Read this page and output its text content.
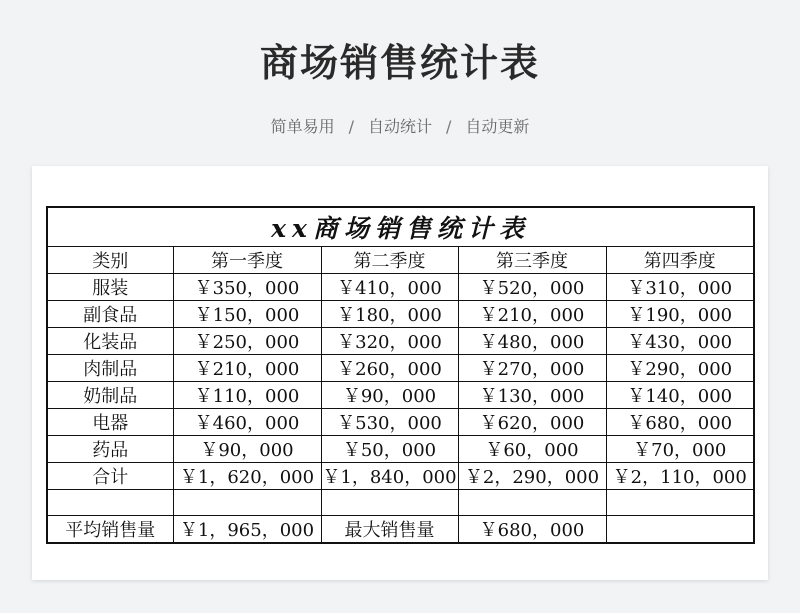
商场销售统计表
简单易用 / 自动统计 / 自动更新
xx商场销售统计表				
类别	第一季度	第二季度	第三季度	第四季度
服装	￥350，000	￥410，000	￥520，000	￥310，000
副食品	￥150，000	￥180，000	￥210，000	￥190，000
化装品	￥250，000	￥320，000	￥480，000	￥430，000
肉制品	￥210，000	￥260，000	￥270，000	￥290，000
奶制品	￥110，000	￥90，000	￥130，000	￥140，000
电器	￥460，000	￥530，000	￥620，000	￥680，000
药品	￥90，000	￥50，000	￥60，000	￥70，000
合计	￥1，620，000	￥1，840，000	￥2，290，000	￥2，110，000

平均销售量	￥1，965，000	最大销售量	￥680，000	
